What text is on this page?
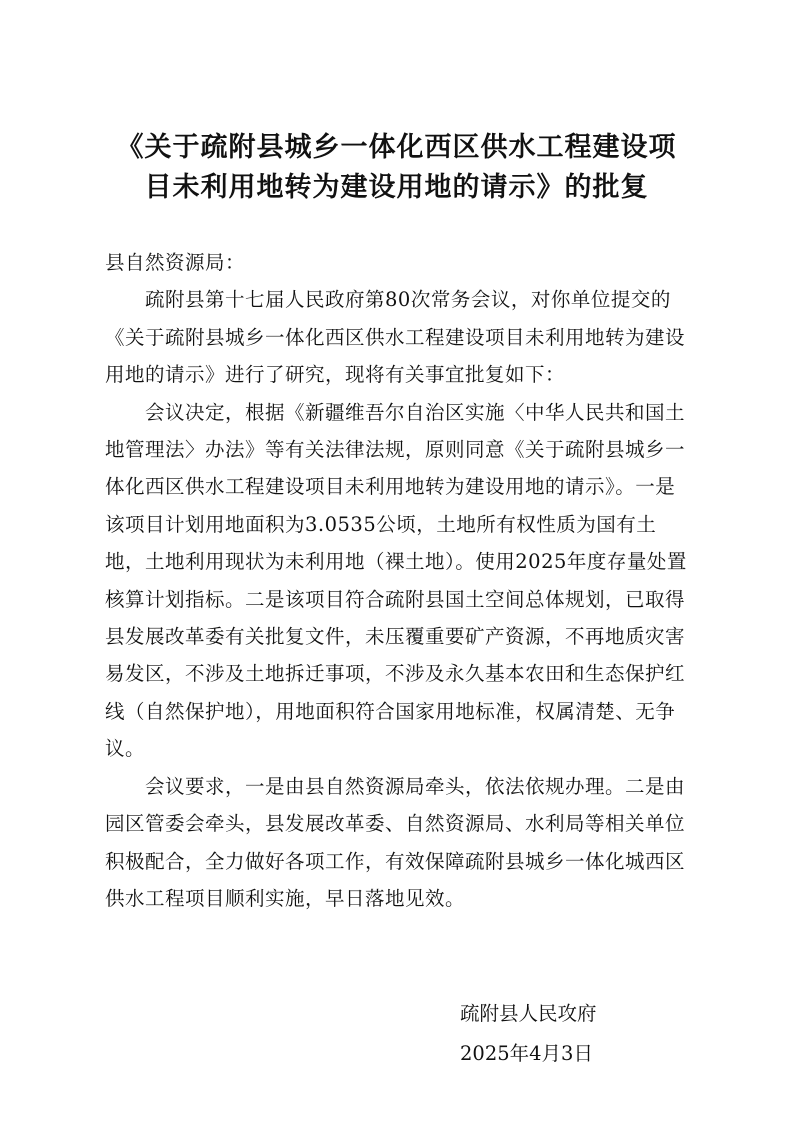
《关于疏附县城乡一体化西区供水工程建设项
目未利用地转为建设用地的请示》的批复

县自然资源局：

疏附县第十七届人民政府第80次常务会议，对你单位提交的《关于疏附县城乡一体化西区供水工程建设项目未利用地转为建设用地的请示》进行了研究，现将有关事宜批复如下：

会议决定，根据《新疆维吾尔自治区实施〈中华人民共和国土地管理法〉办法》等有关法律法规，原则同意《关于疏附县城乡一体化西区供水工程建设项目未利用地转为建设用地的请示》。一是该项目计划用地面积为3.0535公顷，土地所有权性质为国有土地，土地利用现状为未利用地（裸土地）。使用2025年度存量处置核算计划指标。二是该项目符合疏附县国土空间总体规划，已取得县发展改革委有关批复文件，未压覆重要矿产资源，不再地质灾害易发区，不涉及土地拆迁事项，不涉及永久基本农田和生态保护红线（自然保护地），用地面积符合国家用地标准，权属清楚、无争议。

会议要求，一是由县自然资源局牵头，依法依规办理。二是由园区管委会牵头，县发展改革委、自然资源局、水利局等相关单位积极配合，全力做好各项工作，有效保障疏附县城乡一体化城西区供水工程项目顺利实施，早日落地见效。

疏附县人民攻府
2025年4月3日
